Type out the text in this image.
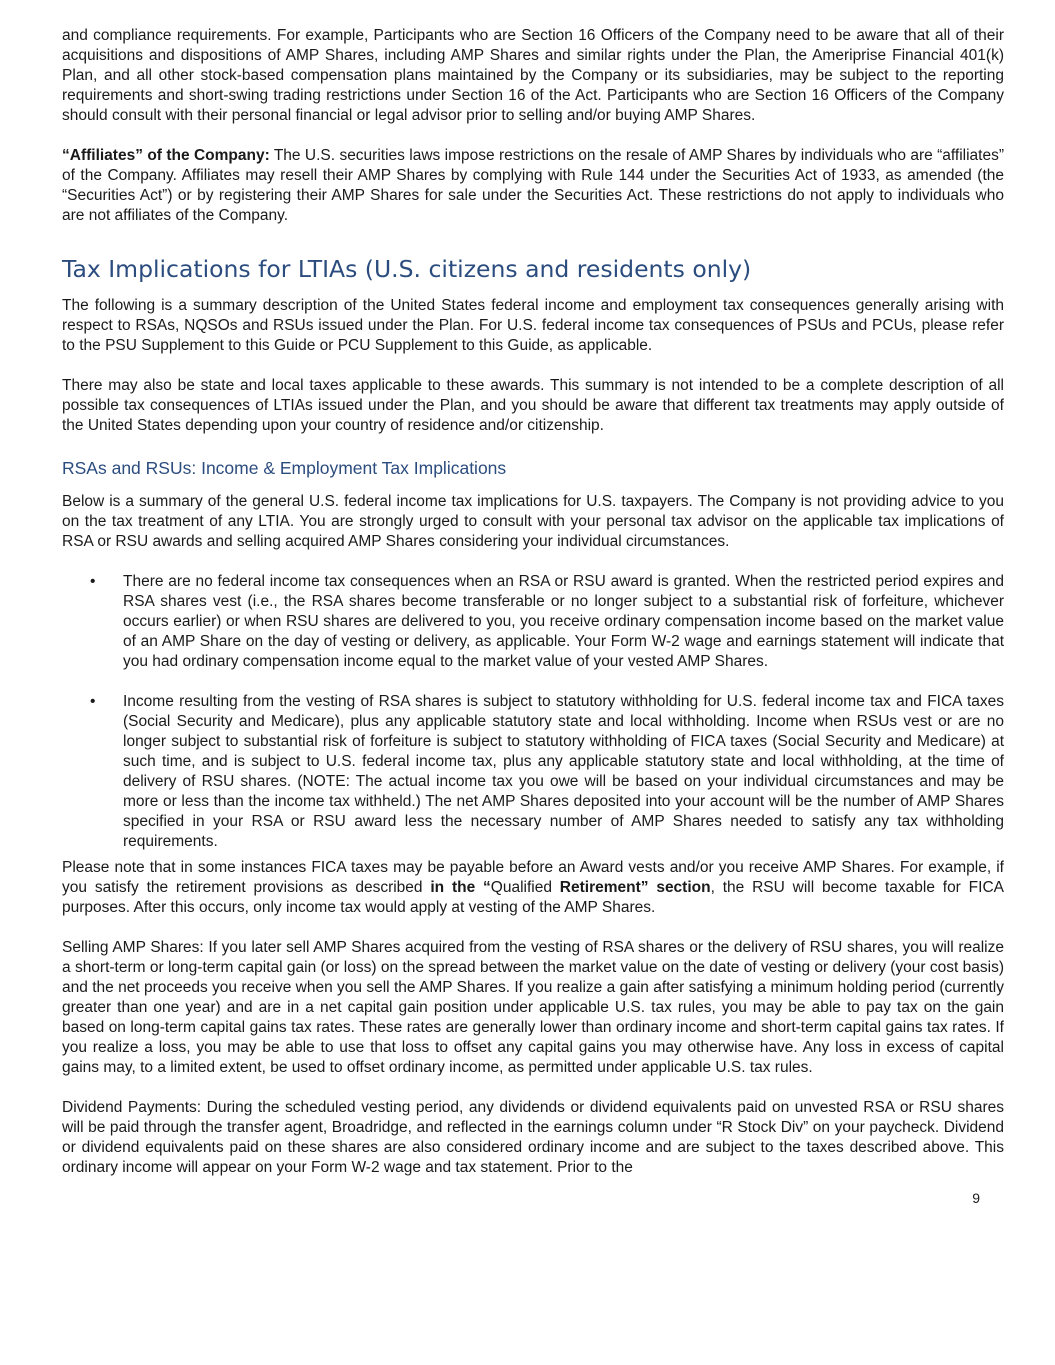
and compliance requirements. For example, Participants who are Section 16 Officers of the Company need to be aware that all of their acquisitions and dispositions of AMP Shares, including AMP Shares and similar rights under the Plan, the Ameriprise Financial 401(k) Plan, and all other stock-based compensation plans maintained by the Company or its subsidiaries, may be subject to the reporting requirements and short-swing trading restrictions under Section 16 of the Act. Participants who are Section 16 Officers of the Company should consult with their personal financial or legal advisor prior to selling and/or buying AMP Shares.
“Affiliates” of the Company: The U.S. securities laws impose restrictions on the resale of AMP Shares by individuals who are “affiliates” of the Company. Affiliates may resell their AMP Shares by complying with Rule 144 under the Securities Act of 1933, as amended (the “Securities Act”) or by registering their AMP Shares for sale under the Securities Act. These restrictions do not apply to individuals who are not affiliates of the Company.
Tax Implications for LTIAs (U.S. citizens and residents only)
The following is a summary description of the United States federal income and employment tax consequences generally arising with respect to RSAs, NQSOs and RSUs issued under the Plan. For U.S. federal income tax consequences of PSUs and PCUs, please refer to the PSU Supplement to this Guide or PCU Supplement to this Guide, as applicable.
There may also be state and local taxes applicable to these awards. This summary is not intended to be a complete description of all possible tax consequences of LTIAs issued under the Plan, and you should be aware that different tax treatments may apply outside of the United States depending upon your country of residence and/or citizenship.
RSAs and RSUs: Income & Employment Tax Implications
Below is a summary of the general U.S. federal income tax implications for U.S. taxpayers. The Company is not providing advice to you on the tax treatment of any LTIA. You are strongly urged to consult with your personal tax advisor on the applicable tax implications of RSA or RSU awards and selling acquired AMP Shares considering your individual circumstances.
• There are no federal income tax consequences when an RSA or RSU award is granted. When the restricted period expires and RSA shares vest (i.e., the RSA shares become transferable or no longer subject to a substantial risk of forfeiture, whichever occurs earlier) or when RSU shares are delivered to you, you receive ordinary compensation income based on the market value of an AMP Share on the day of vesting or delivery, as applicable. Your Form W-2 wage and earnings statement will indicate that you had ordinary compensation income equal to the market value of your vested AMP Shares.
• Income resulting from the vesting of RSA shares is subject to statutory withholding for U.S. federal income tax and FICA taxes (Social Security and Medicare), plus any applicable statutory state and local withholding. Income when RSUs vest or are no longer subject to substantial risk of forfeiture is subject to statutory withholding of FICA taxes (Social Security and Medicare) at such time, and is subject to U.S. federal income tax, plus any applicable statutory state and local withholding, at the time of delivery of RSU shares. (NOTE: The actual income tax you owe will be based on your individual circumstances and may be more or less than the income tax withheld.) The net AMP Shares deposited into your account will be the number of AMP Shares specified in your RSA or RSU award less the necessary number of AMP Shares needed to satisfy any tax withholding requirements.
Please note that in some instances FICA taxes may be payable before an Award vests and/or you receive AMP Shares. For example, if you satisfy the retirement provisions as described in the “Qualified Retirement” section, the RSU will become taxable for FICA purposes. After this occurs, only income tax would apply at vesting of the AMP Shares.
Selling AMP Shares: If you later sell AMP Shares acquired from the vesting of RSA shares or the delivery of RSU shares, you will realize a short-term or long-term capital gain (or loss) on the spread between the market value on the date of vesting or delivery (your cost basis) and the net proceeds you receive when you sell the AMP Shares. If you realize a gain after satisfying a minimum holding period (currently greater than one year) and are in a net capital gain position under applicable U.S. tax rules, you may be able to pay tax on the gain based on long-term capital gains tax rates. These rates are generally lower than ordinary income and short-term capital gains tax rates. If you realize a loss, you may be able to use that loss to offset any capital gains you may otherwise have. Any loss in excess of capital gains may, to a limited extent, be used to offset ordinary income, as permitted under applicable U.S. tax rules.
Dividend Payments: During the scheduled vesting period, any dividends or dividend equivalents paid on unvested RSA or RSU shares will be paid through the transfer agent, Broadridge, and reflected in the earnings column under “R Stock Div” on your paycheck. Dividend or dividend equivalents paid on these shares are also considered ordinary income and are subject to the taxes described above. This ordinary income will appear on your Form W-2 wage and tax statement. Prior to the
9
